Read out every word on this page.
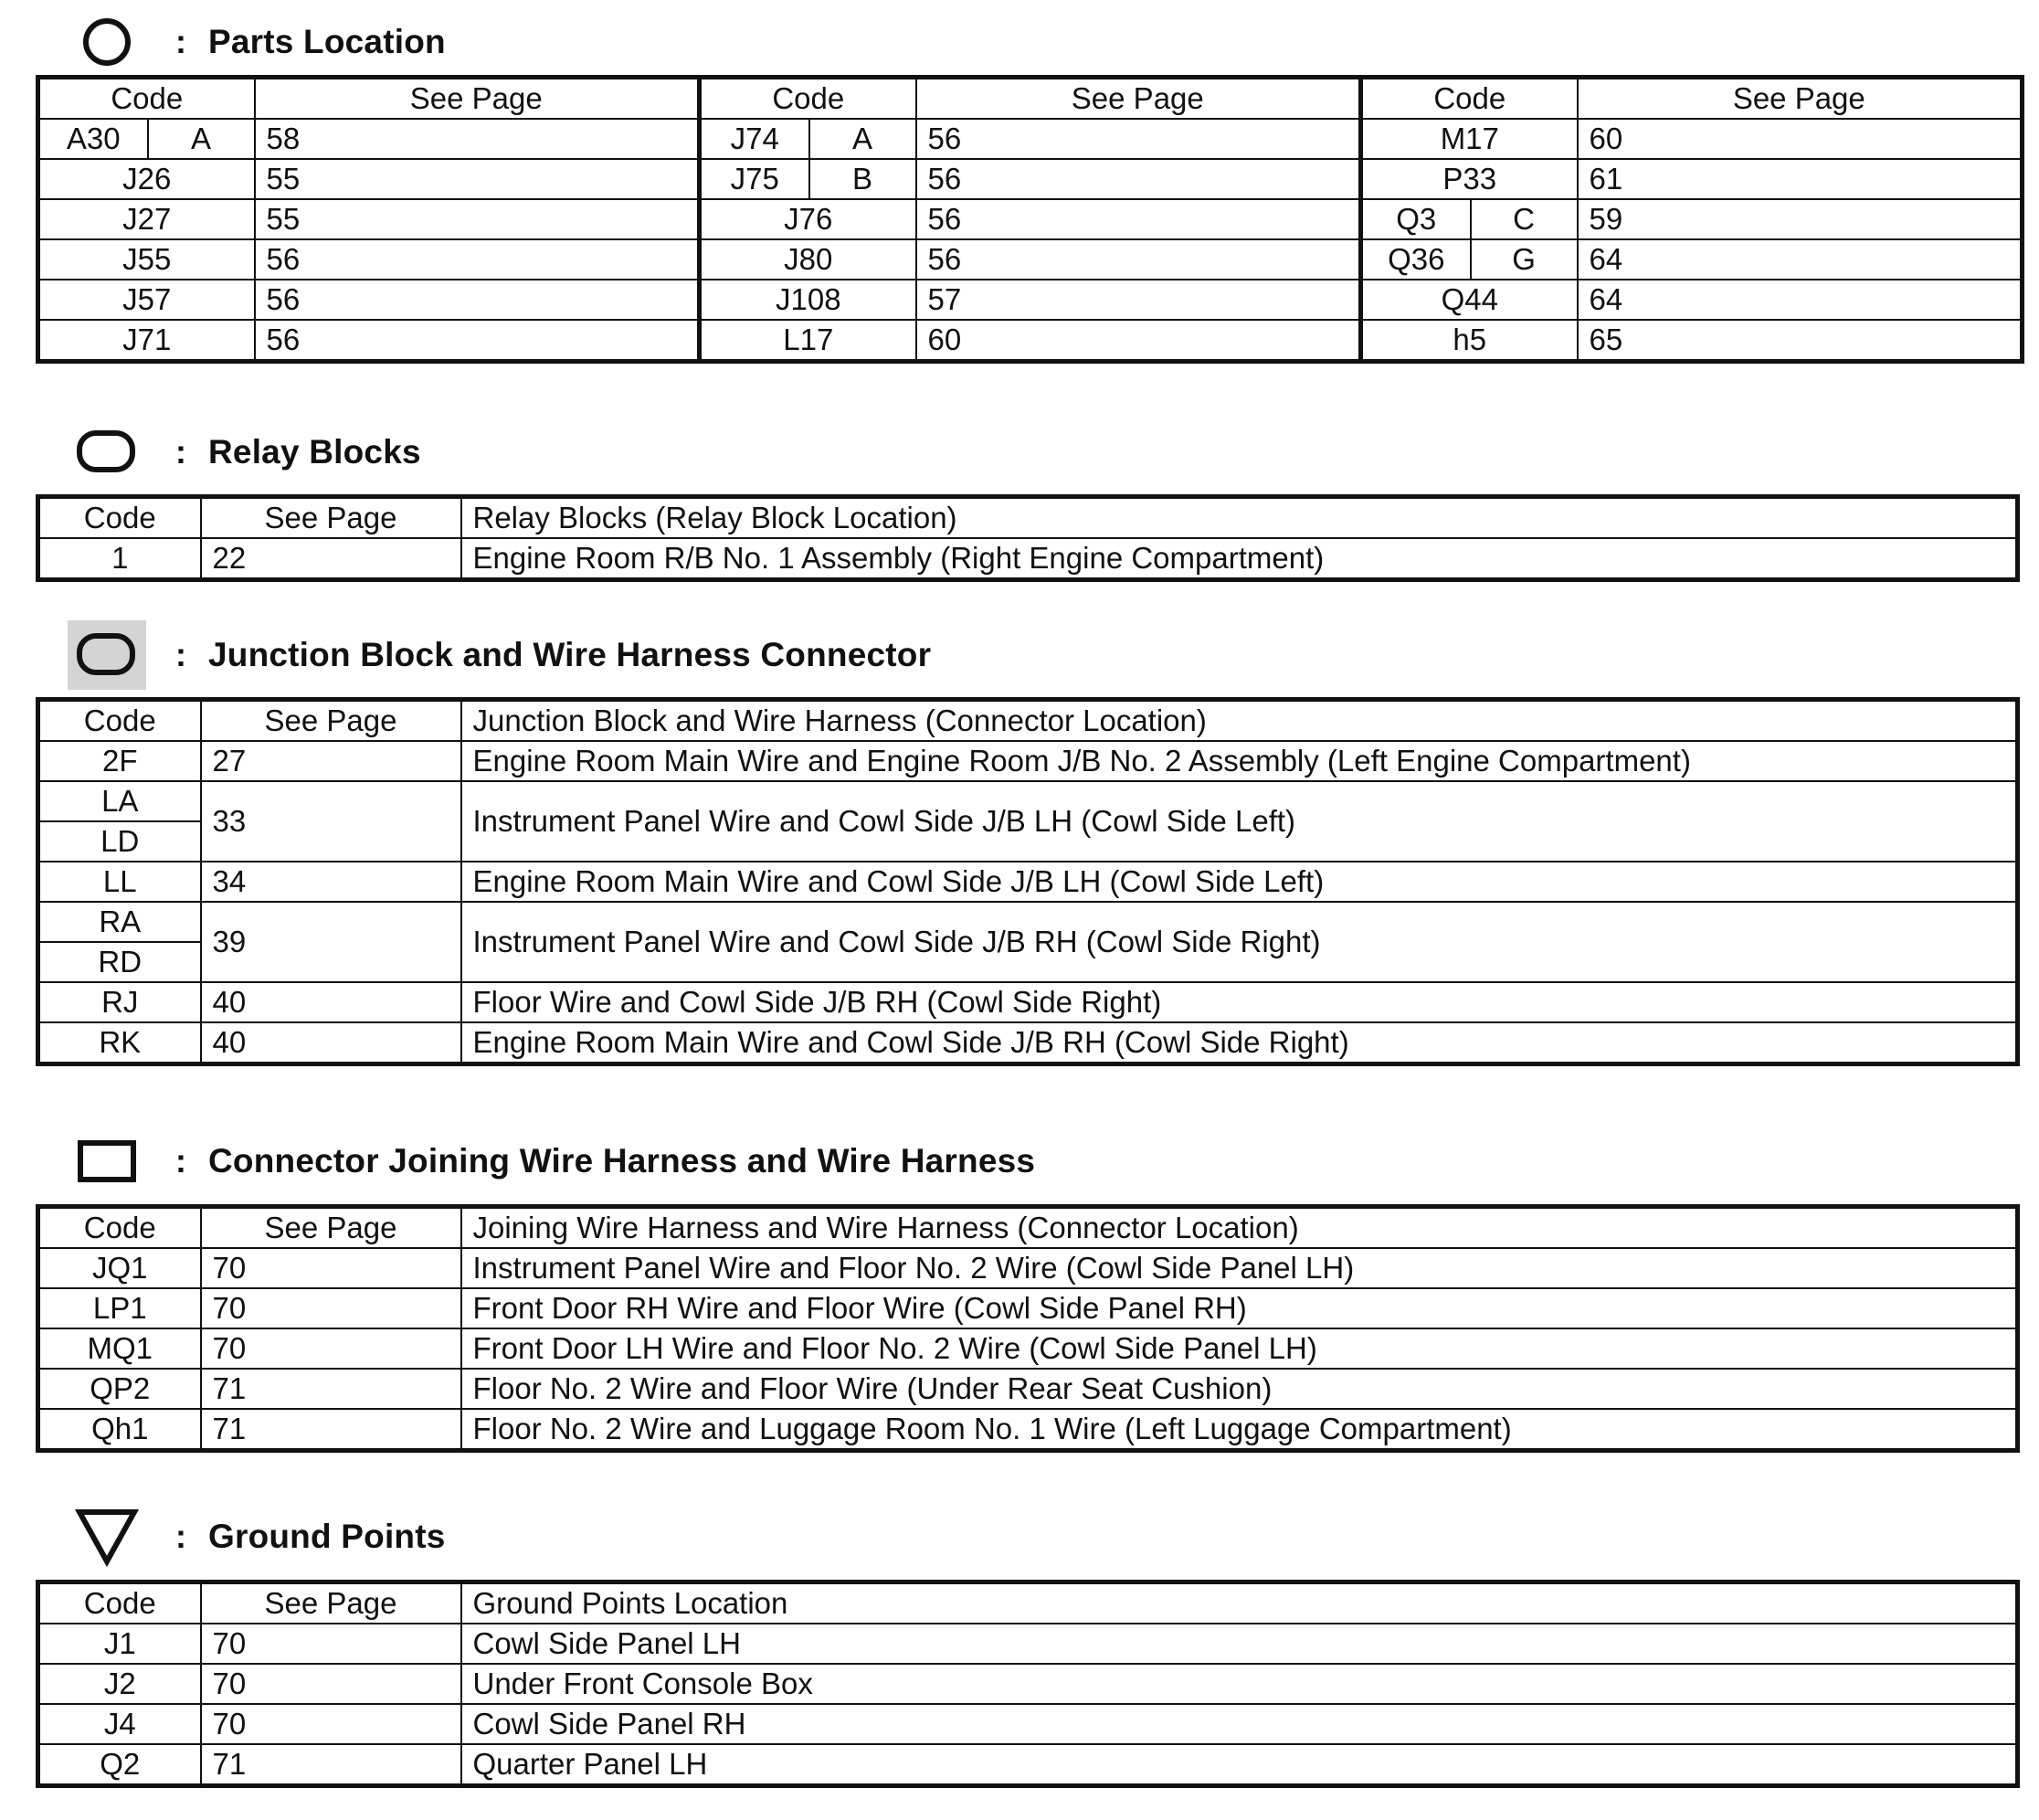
: Parts Location
Code		See Page	Code		See Page	Code		See Page
A30	A	58	J74	A	56	M17		60
J26		55	J75	B	56	P33		61
J27		55	J76		56	Q3	C	59
J55		56	J80		56	Q36	G	64
J57		56	J108		57	Q44		64
J71		56	L17		60	h5		65
: Relay Blocks
Code	See Page	Relay Blocks (Relay Block Location)
1	22	Engine Room R/B No. 1 Assembly (Right Engine Compartment)
: Junction Block and Wire Harness Connector
Code	See Page	Junction Block and Wire Harness (Connector Location)
2F	27	Engine Room Main Wire and Engine Room J/B No. 2 Assembly (Left Engine Compartment)
LA	33	Instrument Panel Wire and Cowl Side J/B LH (Cowl Side Left)
LD		
LL	34	Engine Room Main Wire and Cowl Side J/B LH (Cowl Side Left)
RA	39	Instrument Panel Wire and Cowl Side J/B RH (Cowl Side Right)
RD		
RJ	40	Floor Wire and Cowl Side J/B RH (Cowl Side Right)
RK	40	Engine Room Main Wire and Cowl Side J/B RH (Cowl Side Right)
: Connector Joining Wire Harness and Wire Harness
Code	See Page	Joining Wire Harness and Wire Harness (Connector Location)
JQ1	70	Instrument Panel Wire and Floor No. 2 Wire (Cowl Side Panel LH)
LP1	70	Front Door RH Wire and Floor Wire (Cowl Side Panel RH)
MQ1	70	Front Door LH Wire and Floor No. 2 Wire (Cowl Side Panel LH)
QP2	71	Floor No. 2 Wire and Floor Wire (Under Rear Seat Cushion)
Qh1	71	Floor No. 2 Wire and Luggage Room No. 1 Wire (Left Luggage Compartment)
: Ground Points
Code	See Page	Ground Points Location
J1	70	Cowl Side Panel LH
J2	70	Under Front Console Box
J4	70	Cowl Side Panel RH
Q2	71	Quarter Panel LH
